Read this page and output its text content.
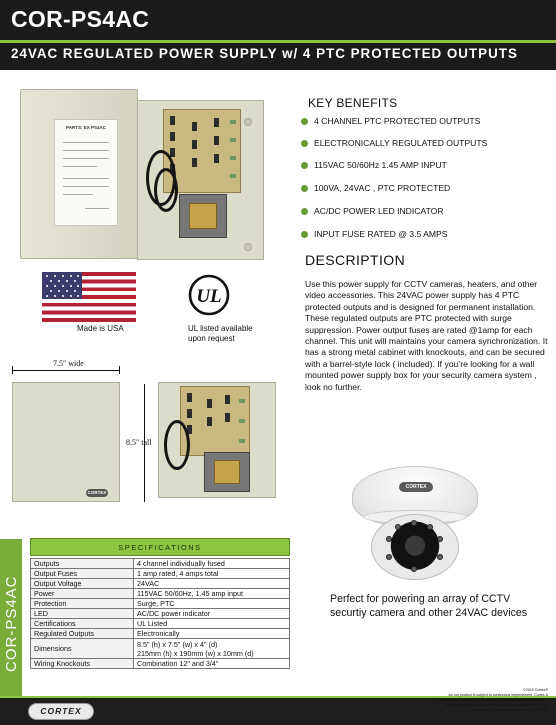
COR-PS4AC
24VAC REGULATED POWER SUPPLY w/ 4 PTC PROTECTED OUTPUTS
PARTS: EX PS4AC
KEY BENEFITS
4 CHANNEL PTC PROTECTED OUTPUTS
ELECTRONICALLY REGULATED OUTPUTS
115VAC 50/60Hz 1.45 AMP INPUT
100VA, 24VAC , PTC PROTECTED
AC/DC POWER LED INDICATOR
INPUT FUSE RATED @ 3.5 AMPS
DESCRIPTION
Use this power supply for CCTV cameras, heaters, and other video accessories. This 24VAC power supply has 4 PTC protected outputs and is designed for permanent installation. These regulated outputs are PTC protected with surge suppression. Power output fuses are rated @1amp for each channel. This unit will maintains your camera synchronization. It has a strong metal cabinet with knockouts, and can be secured with a barrel-style lock ( included). If you’re looking for a wall mounted power supply box for your security camera system , look no further.
Made is USA
UL
UL listed available
upon request
7.5" wide
CORTEX
8.5" tall
CORTEX
Perfect for powering an array of CCTV securtiy camera and other 24VAC devices
COR-PS4AC
SPECIFICATIONS
Outputs	4 channel individually fused
Output Fuses	1 amp rated, 4 amps total
Output Voltage	24VAC
Power	115VAC 50/60Hz, 1.45 amp input
Protection	Surge, PTC
LED	AC/DC power indicator
Certifications	UL Listed
Regulated Outputs	Electronically
Dimensions	8.5" (h) x 7.5" (w) x 4" (d)
215mm (h) x 190mm (w) x 10mm (d)

Wiring Knockouts	Combination 12" and 3/4"
CORTEX
©2015 Cortex®
As our product is subject to continuous improvement, Cortex &
subsidiaries reserve the right to modify product design, specifications &
prices without notice and without incurring any obligation. E&OE.
Distributed by www.cortexcctv.com 01-05052015
